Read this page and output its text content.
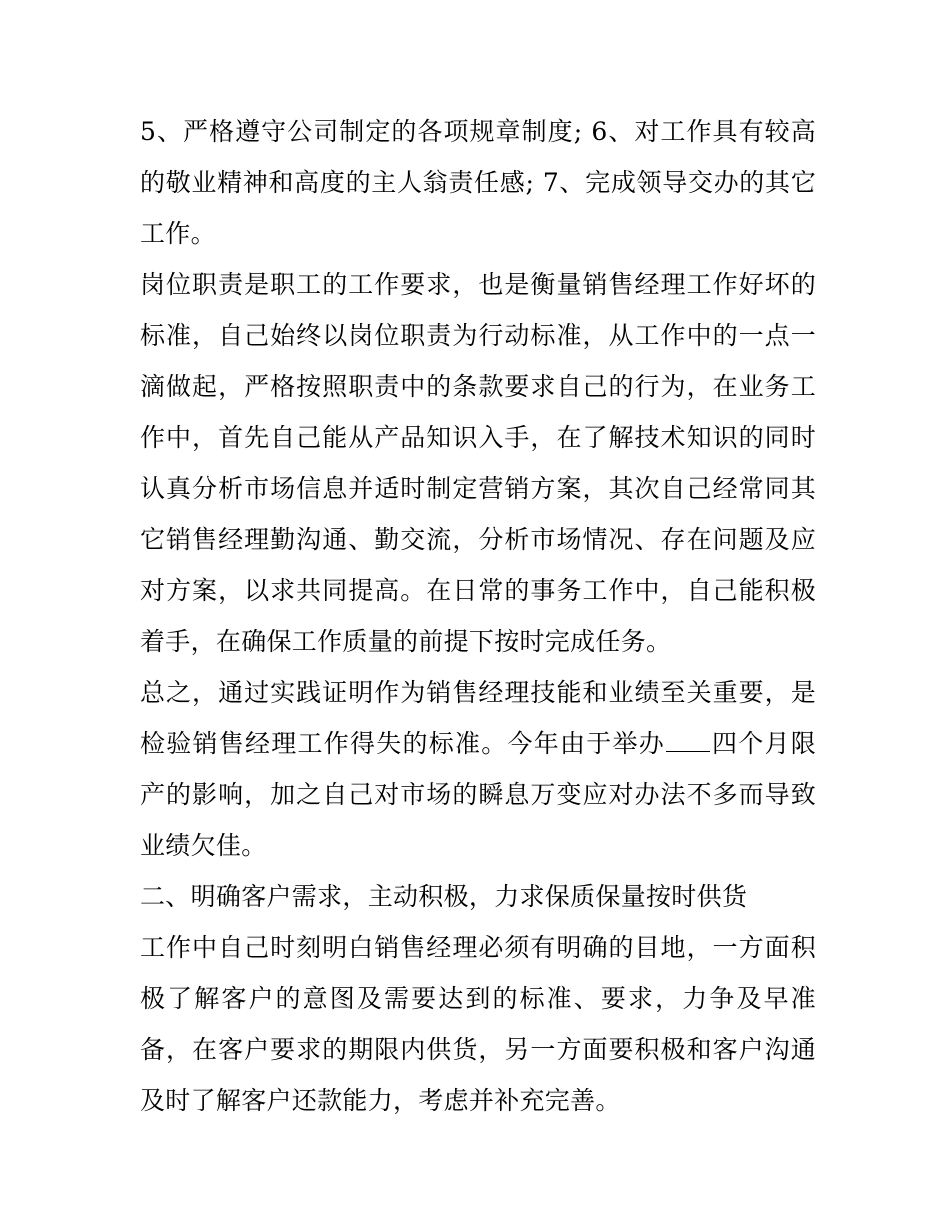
5、严格遵守公司制定的各项规章制度; 6、对工作具有较高的敬业精神和高度的主人翁责任感; 7、完成领导交办的其它工作。

岗位职责是职工的工作要求，也是衡量销售经理工作好坏的标准，自己始终以岗位职责为行动标准，从工作中的一点一滴做起，严格按照职责中的条款要求自己的行为，在业务工作中，首先自己能从产品知识入手，在了解技术知识的同时认真分析市场信息并适时制定营销方案，其次自己经常同其它销售经理勤沟通、勤交流，分析市场情况、存在问题及应对方案，以求共同提高。在日常的事务工作中，自己能积极着手，在确保工作质量的前提下按时完成任务。

总之，通过实践证明作为销售经理技能和业绩至关重要，是检验销售经理工作得失的标准。今年由于举办 四个月限产的影响，加之自己对市场的瞬息万变应对办法不多而导致业绩欠佳。

二、明确客户需求，主动积极，力求保质保量按时供货

工作中自己时刻明白销售经理必须有明确的目地，一方面积极了解客户的意图及需要达到的标准、要求，力争及早准备，在客户要求的期限内供货，另一方面要积极和客户沟通及时了解客户还款能力，考虑并补充完善。
